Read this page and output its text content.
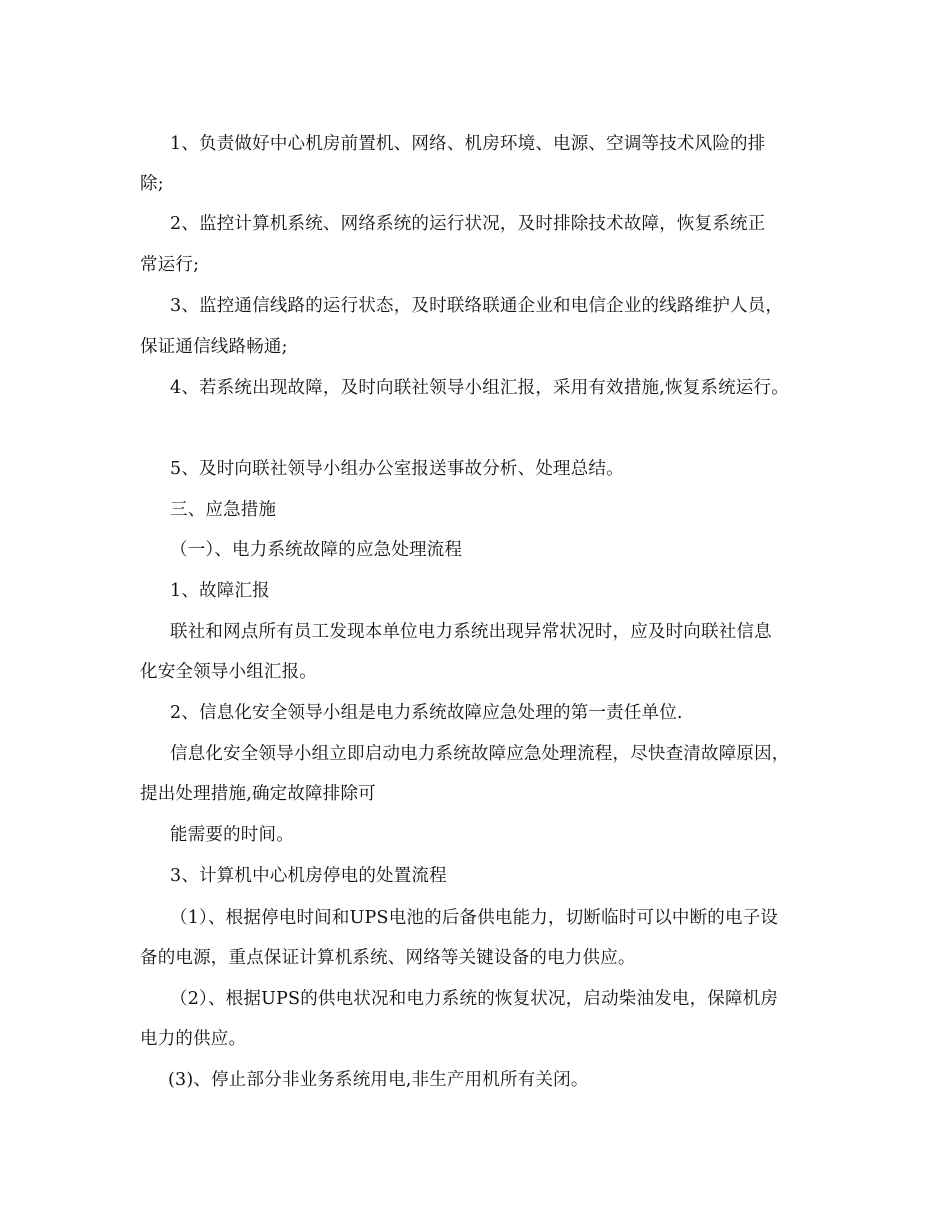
1、负责做好中心机房前置机、网络、机房环境、电源、空调等技术风险的排

除;

2、监控计算机系统、网络系统的运行状况，及时排除技术故障，恢复系统正

常运行;

3、监控通信线路的运行状态，及时联络联通企业和电信企业的线路维护人员，

保证通信线路畅通;

4、若系统出现故障，及时向联社领导小组汇报，采用有效措施,恢复系统运行。

5、及时向联社领导小组办公室报送事故分析、处理总结。

三、应急措施

（一）、电力系统故障的应急处理流程

1、故障汇报

联社和网点所有员工发现本单位电力系统出现异常状况时，应及时向联社信息

化安全领导小组汇报。

2、信息化安全领导小组是电力系统故障应急处理的第一责任单位.

信息化安全领导小组立即启动电力系统故障应急处理流程，尽快查清故障原因，

提出处理措施,确定故障排除可

能需要的时间。

3、计算机中心机房停电的处置流程

（1）、根据停电时间和UPS电池的后备供电能力，切断临时可以中断的电子设

备的电源，重点保证计算机系统、网络等关键设备的电力供应。

（2）、根据UPS的供电状况和电力系统的恢复状况，启动柴油发电，保障机房

电力的供应。

(3)、停止部分非业务系统用电,非生产用机所有关闭。
